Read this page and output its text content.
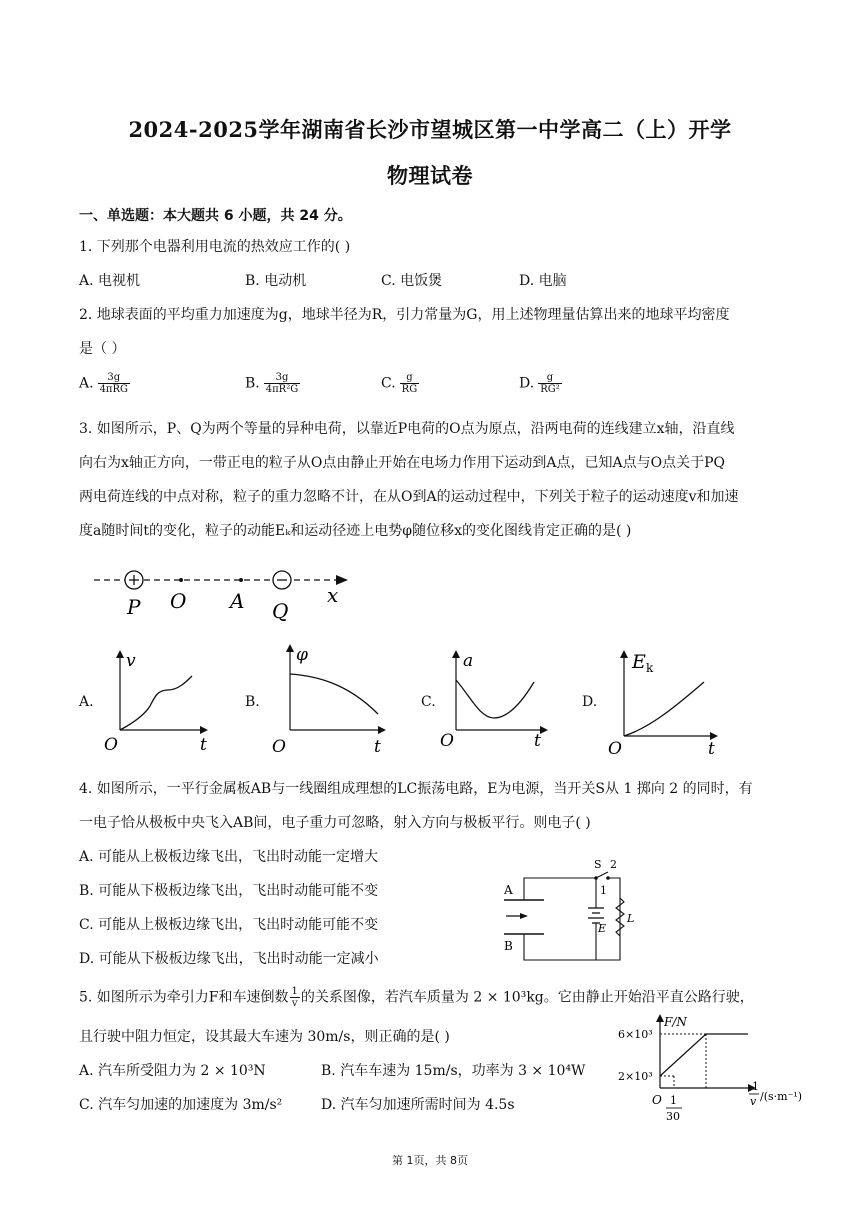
2024-2025学年湖南省长沙市望城区第一中学高二（上）开学
物理试卷
一、单选题：本大题共 6 小题，共 24 分。
1. 下列那个电器利用电流的热效应工作的( )
A. 电视机	B. 电动机	C. 电饭煲	D. 电脑
2. 地球表面的平均重力加速度为g，地球半径为R，引力常量为G，用上述物理量估算出来的地球平均密度
是（ ）
A. $\frac{3g}{\text{4πRG}}$	B. $\frac{3g}{\text{4πR²G}}$	C. $\frac{g}{RG}$	D. $\frac{g}{\text{RG²}}$
3. 如图所示，P、Q为两个等量的异种电荷，以靠近P电荷的O点为原点，沿两电荷的连线建立x轴，沿直线
向右为x轴正方向，一带正电的粒子从O点由静止开始在电场力作用下运动到A点，已知A点与O点关于PQ
两电荷连线的中点对称，粒子的重力忽略不计，在从O到A的运动过程中，下列关于粒子的运动速度v和加速
度a随时间t的变化，粒子的动能Eₖ和运动径迹上电势φ随位移x的变化图线肯定正确的是( )
P O A Q
x
A.
v
O	t
B.
φ
O	t
C.
a
O	t
D.
E k
O	t
4. 如图所示，一平行金属板AB与一线圈组成理想的LC振荡电路，E为电源，当开关S从 1 掷向 2 的同时，有
一电子恰从极板中央飞入AB间，电子重力可忽略，射入方向与极板平行。则电子( )
A. 可能从上极板边缘飞出，飞出时动能一定增大
B. 可能从下极板边缘飞出，飞出时动能可能不变
C. 可能从上极板边缘飞出，飞出时动能可能不变
D. 可能从下极板边缘飞出，飞出时动能一定减小
A
B
S 2
1
E
L
5. 如图所示为牵引力F和车速倒数 $\frac{1}{v}$ 的关系图像，若汽车质量为 2 × 10³kg。它由静止开始沿平直公路行驶，
且行驶中阻力恒定，设其最大车速为 30m/s，则正确的是( )
A. 汽车所受阻力为 2 × 10³N	B. 汽车车速为 15m/s，功率为 3 × 10⁴W
C. 汽车匀加速的加速度为 3m/s²	D. 汽车匀加速所需时间为 4.5s
F/N
6×10³
2×10³
O 1
30
1
v /(s·m⁻¹)
第 1页，共 8页
